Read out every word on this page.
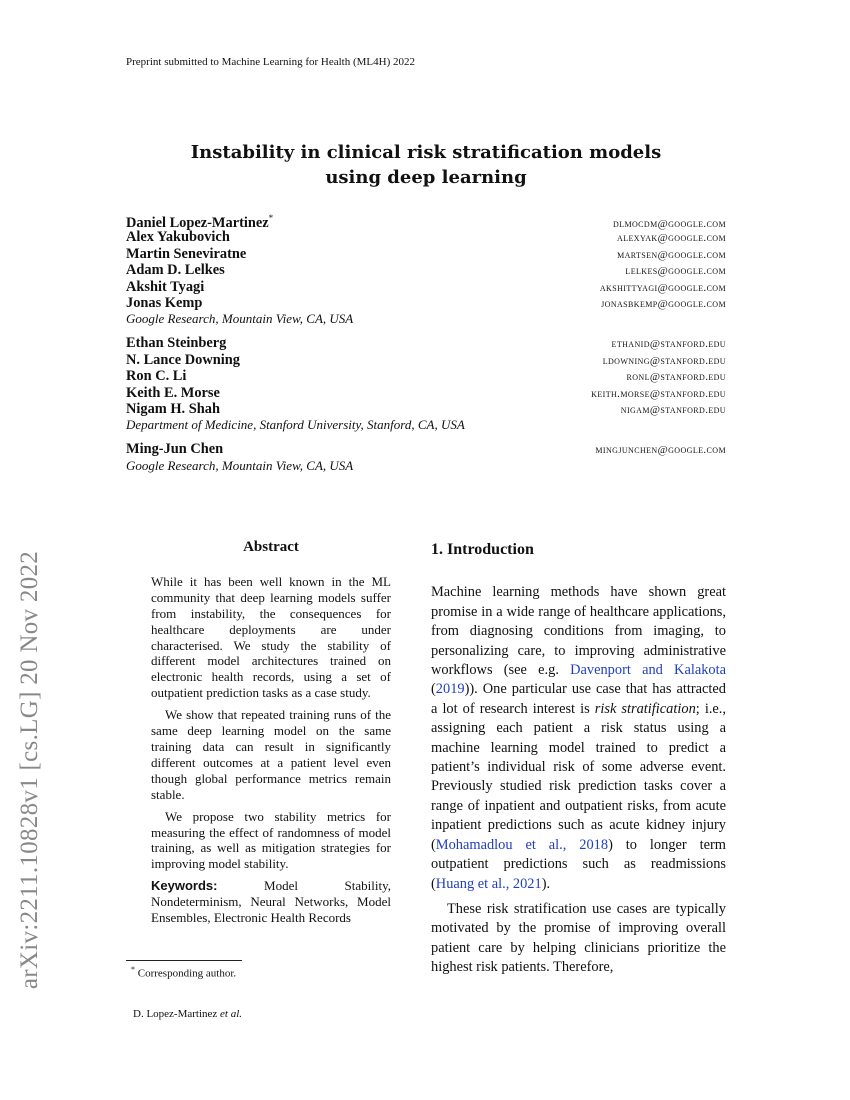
arXiv:2211.10828v1 [cs.LG] 20 Nov 2022
Preprint submitted to Machine Learning for Health (ML4H) 2022
Instability in clinical risk stratification models
using deep learning
Daniel Lopez-Martinez*	dlmocdm@google.com
Alex Yakubovich	alexyak@google.com
Martin Seneviratne	martsen@google.com
Adam D. Lelkes	lelkes@google.com
Akshit Tyagi	akshittyagi@google.com
Jonas Kemp	jonasbkemp@google.com
Google Research, Mountain View, CA, USA
Ethan Steinberg	ethanid@stanford.edu
N. Lance Downing	ldowning@stanford.edu
Ron C. Li	ronl@stanford.edu
Keith E. Morse	keith.morse@stanford.edu
Nigam H. Shah	nigam@stanford.edu
Department of Medicine, Stanford University, Stanford, CA, USA
Ming-Jun Chen	mingjunchen@google.com
Google Research, Mountain View, CA, USA
Abstract

While it has been well known in the ML community that deep learning models suffer from instability, the consequences for healthcare deployments are under characterised. We study the stability of different model architectures trained on electronic health records, using a set of outpatient prediction tasks as a case study.

We show that repeated training runs of the same deep learning model on the same training data can result in significantly different outcomes at a patient level even though global performance metrics remain stable.

We propose two stability metrics for measuring the effect of randomness of model training, as well as mitigation strategies for improving model stability.

Keywords:	Model Stability, Nondeterminism, Neural Networks, Model Ensembles, Electronic Health Records

1. Introduction

Machine learning methods have shown great promise in a wide range of healthcare applications, from diagnosing conditions from imaging, to personalizing care, to improving administrative workflows (see e.g. Davenport and Kalakota (2019)). One particular use case that has attracted a lot of research interest is risk stratification; i.e., assigning each patient a risk status using a machine learning model trained to predict a patient’s individual risk of some adverse event. Previously studied risk prediction tasks cover a range of inpatient and outpatient risks, from acute inpatient predictions such as acute kidney injury (Mohamadlou et al., 2018) to longer term outpatient predictions such as readmissions (Huang et al., 2021).

These risk stratification use cases are typically motivated by the promise of improving overall patient care by helping clinicians prioritize the highest risk patients. Therefore,

* Corresponding author.
D. Lopez-Martinez et al.
